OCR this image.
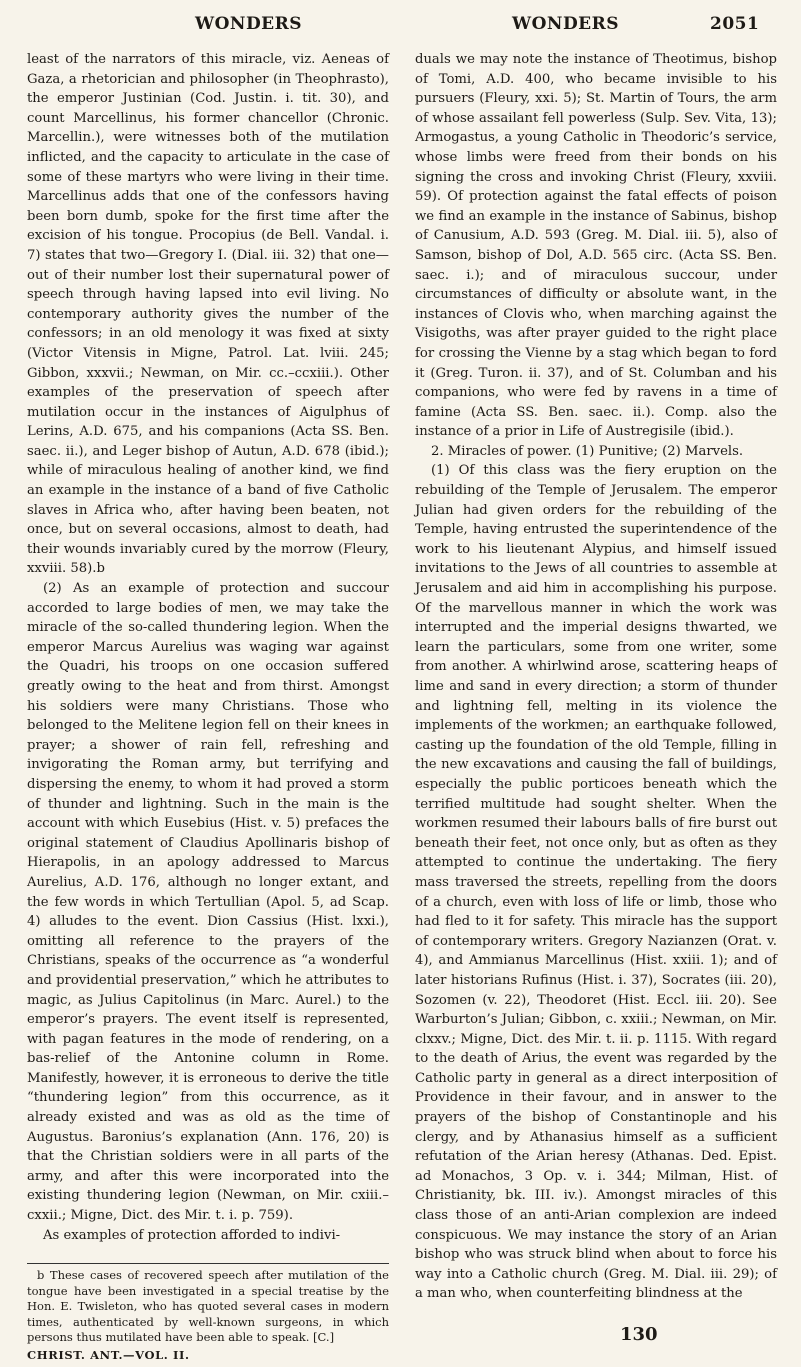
WONDERS	WONDERS	2051

least of the narrators of this miracle, viz. Aeneas of Gaza, a rhetorician and philosopher (in Theophrasto), the emperor Justinian (Cod. Justin. i. tit. 30), and count Marcellinus, his former chancellor (Chronic. Marcellin.), were witnesses both of the mutilation inflicted, and the capacity to articulate in the case of some of these martyrs who were living in their time. Marcellinus adds that one of the confessors having been born dumb, spoke for the first time after the excision of his tongue. Procopius (de Bell. Vandal. i. 7) states that two—Gregory I. (Dial. iii. 32) that one—out of their number lost their supernatural power of speech through having lapsed into evil living. No contemporary authority gives the number of the confessors; in an old menology it was fixed at sixty (Victor Vitensis in Migne, Patrol. Lat. lviii. 245; Gibbon, xxxvii.; Newman, on Mir. cc.–ccxiii.). Other examples of the preservation of speech after mutilation occur in the instances of Aigulphus of Lerins, A.D. 675, and his companions (Acta SS. Ben. saec. ii.), and Leger bishop of Autun, A.D. 678 (ibid.); while of miraculous healing of another kind, we find an example in the instance of a band of five Catholic slaves in Africa who, after having been beaten, not once, but on several occasions, almost to death, had their wounds invariably cured by the morrow (Fleury, xxviii. 58).b

(2) As an example of protection and succour accorded to large bodies of men, we may take the miracle of the so-called thundering legion. When the emperor Marcus Aurelius was waging war against the Quadri, his troops on one occasion suffered greatly owing to the heat and from thirst. Amongst his soldiers were many Christians. Those who belonged to the Melitene legion fell on their knees in prayer; a shower of rain fell, refreshing and invigorating the Roman army, but terrifying and dispersing the enemy, to whom it had proved a storm of thunder and lightning. Such in the main is the account with which Eusebius (Hist. v. 5) prefaces the original statement of Claudius Apollinaris bishop of Hierapolis, in an apology addressed to Marcus Aurelius, A.D. 176, although no longer extant, and the few words in which Tertullian (Apol. 5, ad Scap. 4) alludes to the event. Dion Cassius (Hist. lxxi.), omitting all reference to the prayers of the Christians, speaks of the occurrence as “a wonderful and providential preservation,” which he attributes to magic, as Julius Capitolinus (in Marc. Aurel.) to the emperor’s prayers. The event itself is represented, with pagan features in the mode of rendering, on a bas-relief of the Antonine column in Rome. Manifestly, however, it is erroneous to derive the title “thundering legion” from this occurrence, as it already existed and was as old as the time of Augustus. Baronius’s explanation (Ann. 176, 20) is that the Christian soldiers were in all parts of the army, and after this were incorporated into the existing thundering legion (Newman, on Mir. cxiii.–cxxii.; Migne, Dict. des Mir. t. i. p. 759).

As examples of protection afforded to indivi-

b These cases of recovered speech after mutilation of the tongue have been investigated in a special treatise by the Hon. E. Twisleton, who has quoted several cases in modern times, authenticated by well-known surgeons, in which persons thus mutilated have been able to speak. [C.]
CHRIST. ANT.—VOL. II.

duals we may note the instance of Theotimus, bishop of Tomi, A.D. 400, who became invisible to his pursuers (Fleury, xxi. 5); St. Martin of Tours, the arm of whose assailant fell powerless (Sulp. Sev. Vita, 13); Armogastus, a young Catholic in Theodoric’s service, whose limbs were freed from their bonds on his signing the cross and invoking Christ (Fleury, xxviii. 59). Of protection against the fatal effects of poison we find an example in the instance of Sabinus, bishop of Canusium, A.D. 593 (Greg. M. Dial. iii. 5), also of Samson, bishop of Dol, A.D. 565 circ. (Acta SS. Ben. saec. i.); and of miraculous succour, under circumstances of difficulty or absolute want, in the instances of Clovis who, when marching against the Visigoths, was after prayer guided to the right place for crossing the Vienne by a stag which began to ford it (Greg. Turon. ii. 37), and of St. Columban and his companions, who were fed by ravens in a time of famine (Acta SS. Ben. saec. ii.). Comp. also the instance of a prior in Life of Austregisile (ibid.).

2. Miracles of power. (1) Punitive; (2) Marvels.

(1) Of this class was the fiery eruption on the rebuilding of the Temple of Jerusalem. The emperor Julian had given orders for the rebuilding of the Temple, having entrusted the superintendence of the work to his lieutenant Alypius, and himself issued invitations to the Jews of all countries to assemble at Jerusalem and aid him in accomplishing his purpose. Of the marvellous manner in which the work was interrupted and the imperial designs thwarted, we learn the particulars, some from one writer, some from another. A whirlwind arose, scattering heaps of lime and sand in every direction; a storm of thunder and lightning fell, melting in its violence the implements of the workmen; an earthquake followed, casting up the foundation of the old Temple, filling in the new excavations and causing the fall of buildings, especially the public porticoes beneath which the terrified multitude had sought shelter. When the workmen resumed their labours balls of fire burst out beneath their feet, not once only, but as often as they attempted to continue the undertaking. The fiery mass traversed the streets, repelling from the doors of a church, even with loss of life or limb, those who had fled to it for safety. This miracle has the support of contemporary writers. Gregory Nazianzen (Orat. v. 4), and Ammianus Marcellinus (Hist. xxiii. 1); and of later historians Rufinus (Hist. i. 37), Socrates (iii. 20), Sozomen (v. 22), Theodoret (Hist. Eccl. iii. 20). See Warburton’s Julian; Gibbon, c. xxiii.; Newman, on Mir. clxxv.; Migne, Dict. des Mir. t. ii. p. 1115. With regard to the death of Arius, the event was regarded by the Catholic party in general as a direct interposition of Providence in their favour, and in answer to the prayers of the bishop of Constantinople and his clergy, and by Athanasius himself as a sufficient refutation of the Arian heresy (Athanas. Ded. Epist. ad Monachos, 3 Op. v. i. 344; Milman, Hist. of Christianity, bk. III. iv.). Amongst miracles of this class those of an anti-Arian complexion are indeed conspicuous. We may instance the story of an Arian bishop who was struck blind when about to force his way into a Catholic church (Greg. M. Dial. iii. 29); of a man who, when counterfeiting blindness at the

130
